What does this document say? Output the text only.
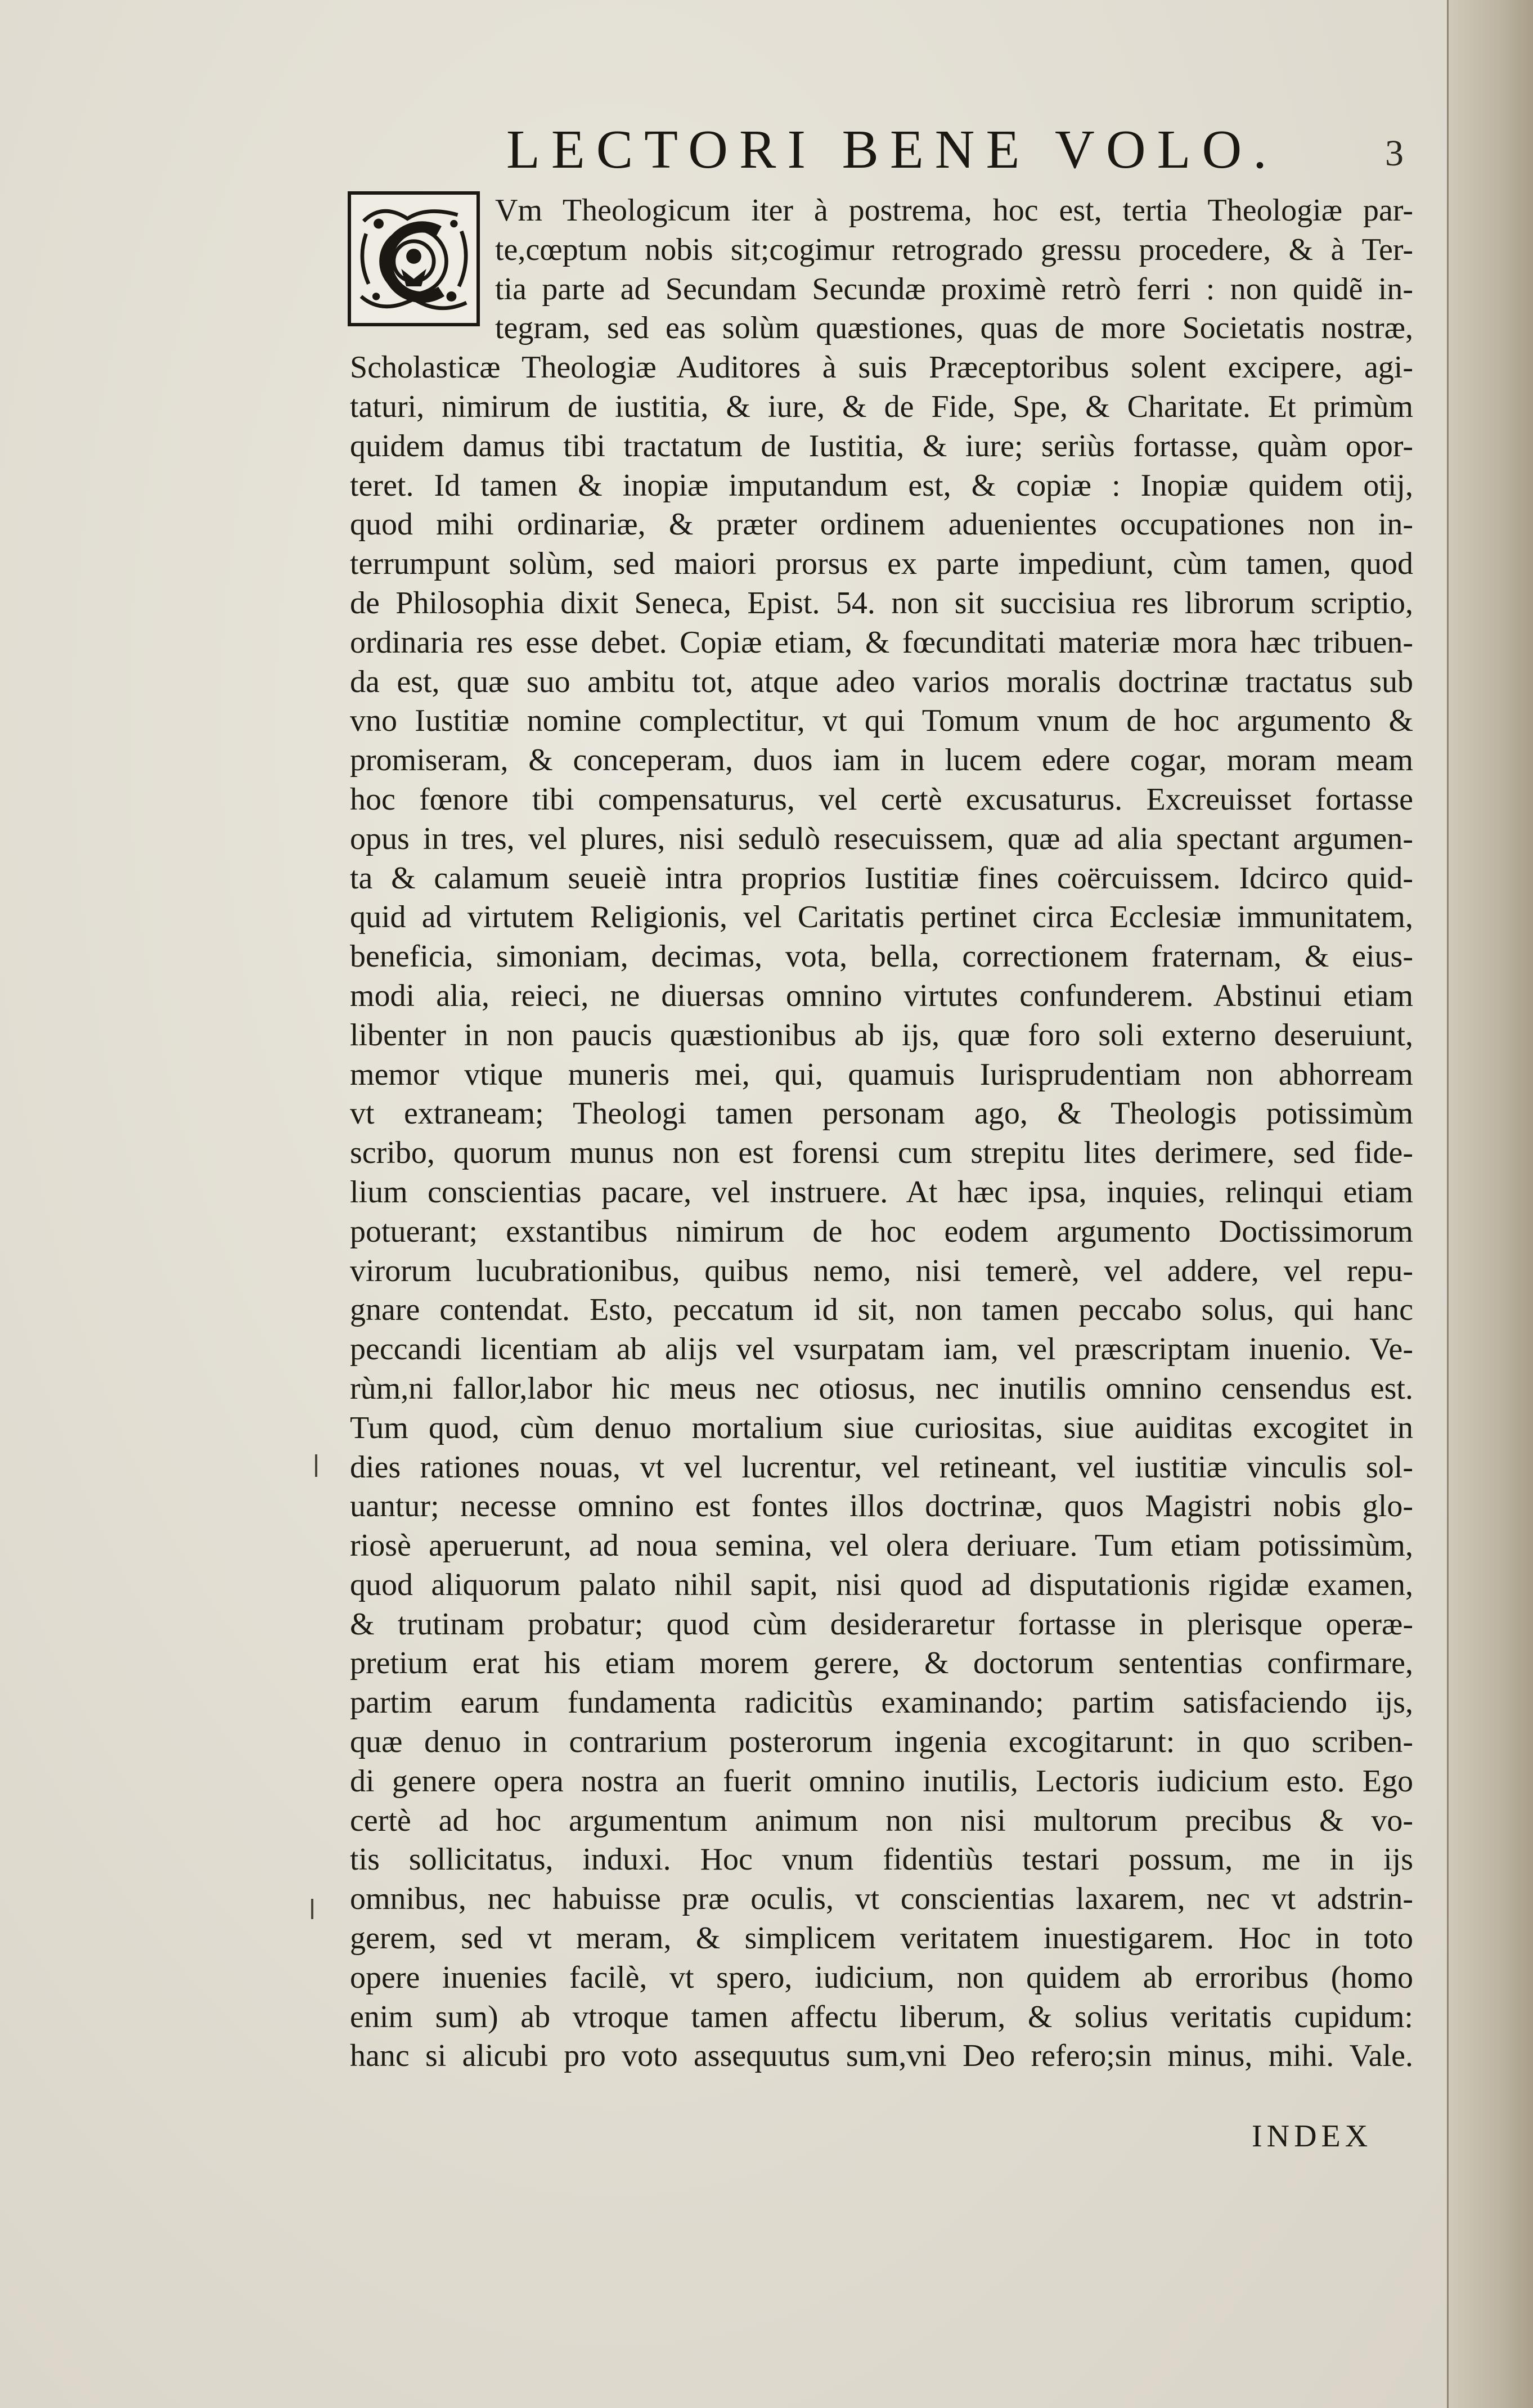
LECTORI BENE VOLO.	3
Vm Theologicum iter à postrema, hoc est, tertia Theologiæ par-
te,cœptum nobis sit;cogimur retrogrado gressu procedere, & à Ter-
tia parte ad Secundam Secundæ proximè retrò ferri : non quidẽ in-
tegram, sed eas solùm quæstiones, quas de more Societatis nostræ,
Scholasticæ Theologiæ Auditores à suis Præceptoribus solent excipere, agi-
taturi, nimirum de iustitia, & iure, & de Fide, Spe, & Charitate. Et primùm
quidem damus tibi tractatum de Iustitia, & iure; seriùs fortasse, quàm opor-
teret. Id tamen & inopiæ imputandum est, & copiæ : Inopiæ quidem otij,
quod mihi ordinariæ, & præter ordinem aduenientes occupationes non in-
terrumpunt solùm, sed maiori prorsus ex parte impediunt, cùm tamen, quod
de Philosophia dixit Seneca, Epist. 54. non sit succisiua res librorum scriptio,
ordinaria res esse debet. Copiæ etiam, & fœcunditati materiæ mora hæc tribuen-
da est, quæ suo ambitu tot, atque adeo varios moralis doctrinæ tractatus sub
vno Iustitiæ nomine complectitur, vt qui Tomum vnum de hoc argumento &
promiseram, & conceperam, duos iam in lucem edere cogar, moram meam
hoc fœnore tibi compensaturus, vel certè excusaturus. Excreuisset fortasse
opus in tres, vel plures, nisi sedulò resecuissem, quæ ad alia spectant argumen-
ta & calamum seueiè intra proprios Iustitiæ fines coërcuissem. Idcirco quid-
quid ad virtutem Religionis, vel Caritatis pertinet circa Ecclesiæ immunitatem,
beneficia, simoniam, decimas, vota, bella, correctionem fraternam, & eius-
modi alia, reieci, ne diuersas omnino virtutes confunderem. Abstinui etiam
libenter in non paucis quæstionibus ab ijs, quæ foro soli externo deseruiunt,
memor vtique muneris mei, qui, quamuis Iurisprudentiam non abhorream
vt extraneam; Theologi tamen personam ago, & Theologis potissimùm
scribo, quorum munus non est forensi cum strepitu lites derimere, sed fide-
lium conscientias pacare, vel instruere. At hæc ipsa, inquies, relinqui etiam
potuerant; exstantibus nimirum de hoc eodem argumento Doctissimorum
virorum lucubrationibus, quibus nemo, nisi temerè, vel addere, vel repu-
gnare contendat. Esto, peccatum id sit, non tamen peccabo solus, qui hanc
peccandi licentiam ab alijs vel vsurpatam iam, vel præscriptam inuenio. Ve-
rùm,ni fallor,labor hic meus nec otiosus, nec inutilis omnino censendus est.
Tum quod, cùm denuo mortalium siue curiositas, siue auiditas excogitet in
dies rationes nouas, vt vel lucrentur, vel retineant, vel iustitiæ vinculis sol-
uantur; necesse omnino est fontes illos doctrinæ, quos Magistri nobis glo-
riosè aperuerunt, ad noua semina, vel olera deriuare. Tum etiam potissimùm,
quod aliquorum palato nihil sapit, nisi quod ad disputationis rigidæ examen,
& trutinam probatur; quod cùm desideraretur fortasse in plerisque operæ-
pretium erat his etiam morem gerere, & doctorum sententias confirmare,
partim earum fundamenta radicitùs examinando; partim satisfaciendo ijs,
quæ denuo in contrarium posterorum ingenia excogitarunt: in quo scriben-
di genere opera nostra an fuerit omnino inutilis, Lectoris iudicium esto. Ego
certè ad hoc argumentum animum non nisi multorum precibus & vo-
tis sollicitatus, induxi. Hoc vnum fidentiùs testari possum, me in ijs
omnibus, nec habuisse præ oculis, vt conscientias laxarem, nec vt adstrin-
gerem, sed vt meram, & simplicem veritatem inuestigarem. Hoc in toto
opere inuenies facilè, vt spero, iudicium, non quidem ab erroribus (homo
enim sum) ab vtroque tamen affectu liberum, & solius veritatis cupidum:
hanc si alicubi pro voto assequutus sum,vni Deo refero;sin minus, mihi. Vale.
INDEX
